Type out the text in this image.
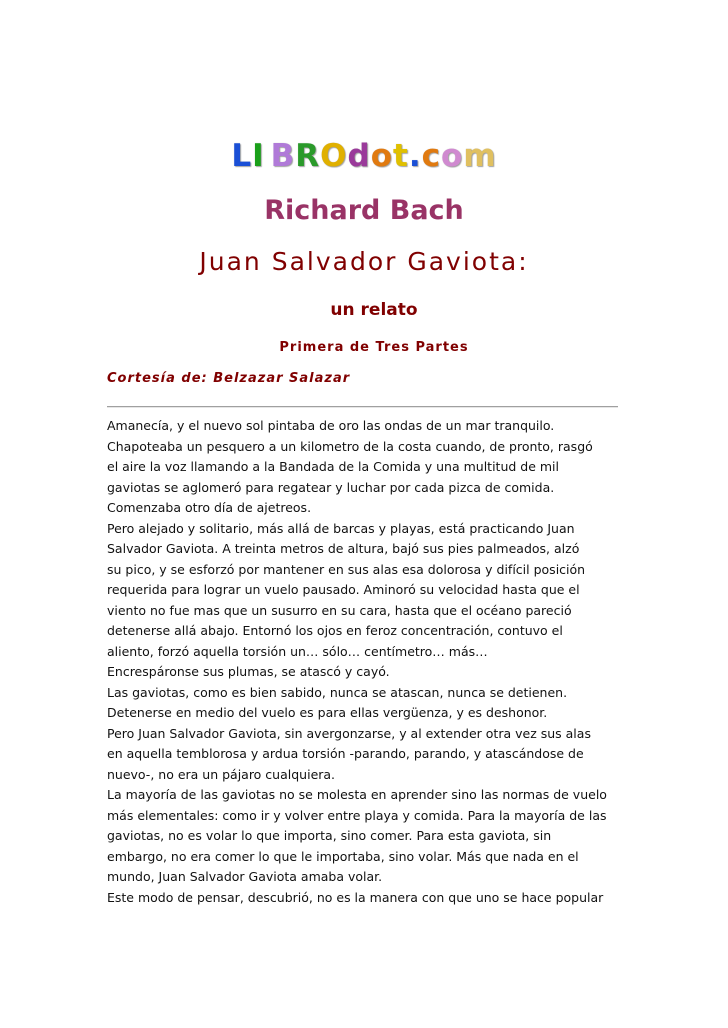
LI BROdot.com
Richard Bach
Juan Salvador Gaviota:
un relato
Primera de Tres Partes
Cortesía de: Belzazar Salazar
Amanecía, y el nuevo sol pintaba de oro las ondas de un mar tranquilo.
Chapoteaba un pesquero a un kilometro de la costa cuando, de pronto, rasgó
el aire la voz llamando a la Bandada de la Comida y una multitud de mil
gaviotas se aglomeró para regatear y luchar por cada pizca de comida.
Comenzaba otro día de ajetreos.
Pero alejado y solitario, más allá de barcas y playas, está practicando Juan
Salvador Gaviota. A treinta metros de altura, bajó sus pies palmeados, alzó
su pico, y se esforzó por mantener en sus alas esa dolorosa y difícil posición
requerida para lograr un vuelo pausado. Aminoró su velocidad hasta que el
viento no fue mas que un susurro en su cara, hasta que el océano pareció
detenerse allá abajo. Entornó los ojos en feroz concentración, contuvo el
aliento, forzó aquella torsión un… sólo… centímetro… más…
Encrespáronse sus plumas, se atascó y cayó.
Las gaviotas, como es bien sabido, nunca se atascan, nunca se detienen.
Detenerse en medio del vuelo es para ellas vergüenza, y es deshonor.
Pero Juan Salvador Gaviota, sin avergonzarse, y al extender otra vez sus alas
en aquella temblorosa y ardua torsión -parando, parando, y atascándose de
nuevo-, no era un pájaro cualquiera.
La mayoría de las gaviotas no se molesta en aprender sino las normas de vuelo
más elementales: como ir y volver entre playa y comida. Para la mayoría de las
gaviotas, no es volar lo que importa, sino comer. Para esta gaviota, sin
embargo, no era comer lo que le importaba, sino volar. Más que nada en el
mundo, Juan Salvador Gaviota amaba volar.
Este modo de pensar, descubrió, no es la manera con que uno se hace popular
